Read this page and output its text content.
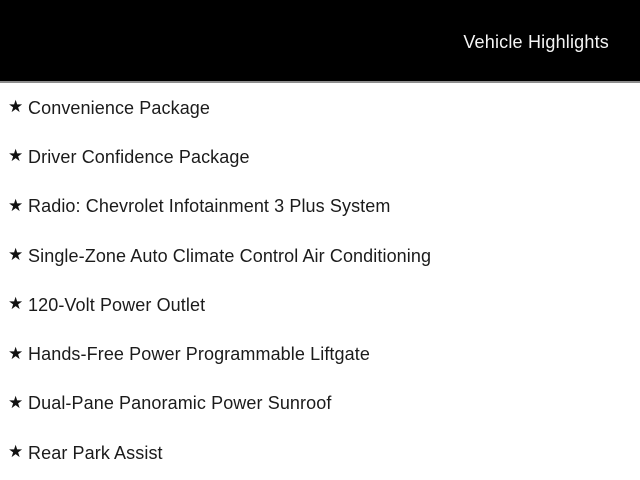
Vehicle Highlights
★ Convenience Package
★ Driver Confidence Package
★ Radio: Chevrolet Infotainment 3 Plus System
★ Single-Zone Auto Climate Control Air Conditioning
★ 120-Volt Power Outlet
★ Hands-Free Power Programmable Liftgate
★ Dual-Pane Panoramic Power Sunroof
★ Rear Park Assist
